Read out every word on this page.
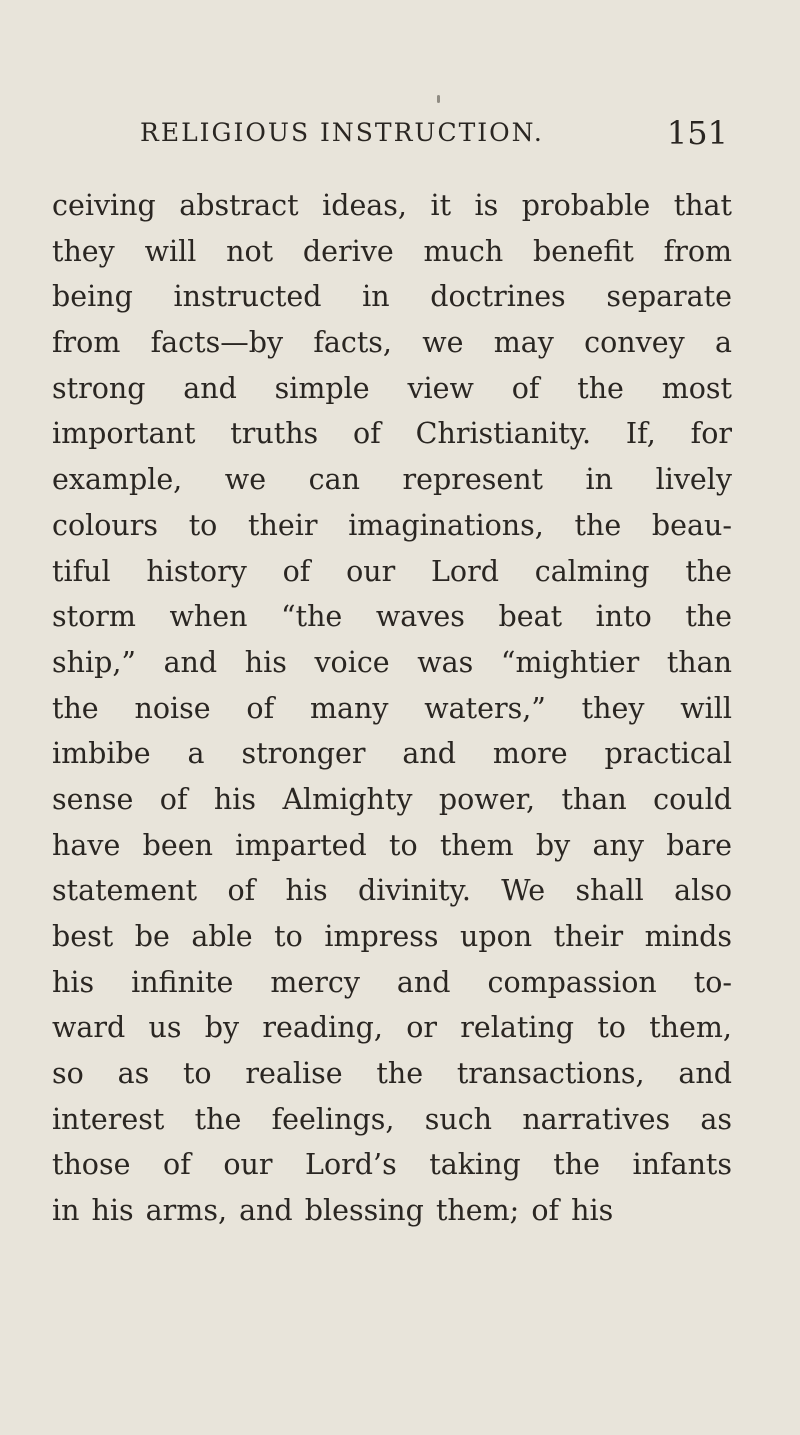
RELIGIOUS INSTRUCTION.	151
ceiving abstract ideas, it is probable that
they will not derive much benefit from
being instructed in doctrines separate
from facts—by facts, we may convey a
strong and simple view of the most
important truths of Christianity. If, for
example, we can represent in lively
colours to their imaginations, the beau-
tiful history of our Lord calming the
storm when “the waves beat into the
ship,” and his voice was “mightier than
the noise of many waters,” they will
imbibe a stronger and more practical
sense of his Almighty power, than could
have been imparted to them by any bare
statement of his divinity. We shall also
best be able to impress upon their minds
his infinite mercy and compassion to-
ward us by reading, or relating to them,
so as to realise the transactions, and
interest the feelings, such narratives as
those of our Lord’s taking the infants
in his arms, and blessing them; of his
